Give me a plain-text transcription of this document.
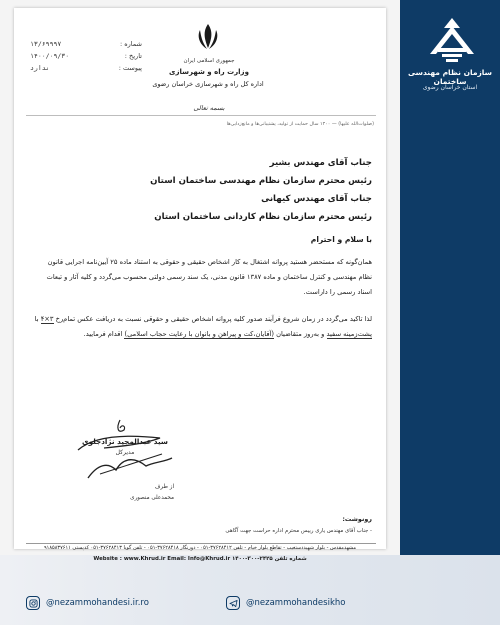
سازمان نظام مهندسی ساختمان
استان خراسان رضوی
شماره :
۱۳/۶۹۹۹۷
تاریخ :
۱۴۰۰/۰۹/۳۰
پیوست :
ندارد
جمهوری اسلامی ایران
وزارت راه و شهرسازی
اداره کل راه و شهرسازی خراسان رضوی
بسمه تعالی
(صلوات‌الله علیها) — ۱۴۰۰ سال حمایت از تولید، پشتیبانی‌ها و مانع‌زدایی‌ها
جناب آقای مهندس بشیر
رئیس محترم سازمان نظام مهندسی ساختمان استان
جناب آقای مهندس کیهانی
رئیس محترم سازمان نظام کاردانی ساختمان استان
با سلام و احترام
همان‌گونه که مستحضر هستید پروانه اشتغال به کار اشخاص حقیقی و حقوقی به استناد ماده ۲۵ آیین‌نامه اجرایی قانون نظام مهندسی و کنترل ساختمان و ماده ۱۳۸۷ قانون مدنی، یک سند رسمی دولتی محسوب می‌گردد و کلیه آثار و تبعات اسناد رسمی را داراست.
لذا تاکید می‌گردد در زمان شروع فرآیند صدور کلیه پروانه اشخاص حقیقی و حقوقی نسبت به دریافت عکس تمام‌رخ ۳×۴ با پشت‌زمینه سفید و به‌روز متقاضیان (آقایان،کت و پیراهن و بانوان با رعایت حجاب اسلامی) اقدام فرمایید.
سید عبدالمجید نژادجلوی
مدیرکل
از طرف
محمدعلی منصوری
رونوشت:
- جناب آقای مهندس یاری رییس محترم اداره حراست جهت آگاهی
مشهد‌مقدس - بلوار شهید‌دستغیب - تقاطع بلوار خیام - تلفن ۳۷۶۲۸۴۱۲-۰۵۱ - دورنگار ۳۷۶۲۸۴۱۸-۰۵۱ - تلفن گویا ۳۷۶۲۸۴۱۳-۰۵۱ کدپستی ۹۱۸۵۸۳۷۶۱۱
Website : www.Khrud.ir Email: Info@Khrud.ir ۱۴۰۰-۳۰۰-۲۴۲۵ شماره تلفن
@nezammohandesi.ir.ro	@nezammohandesikho
